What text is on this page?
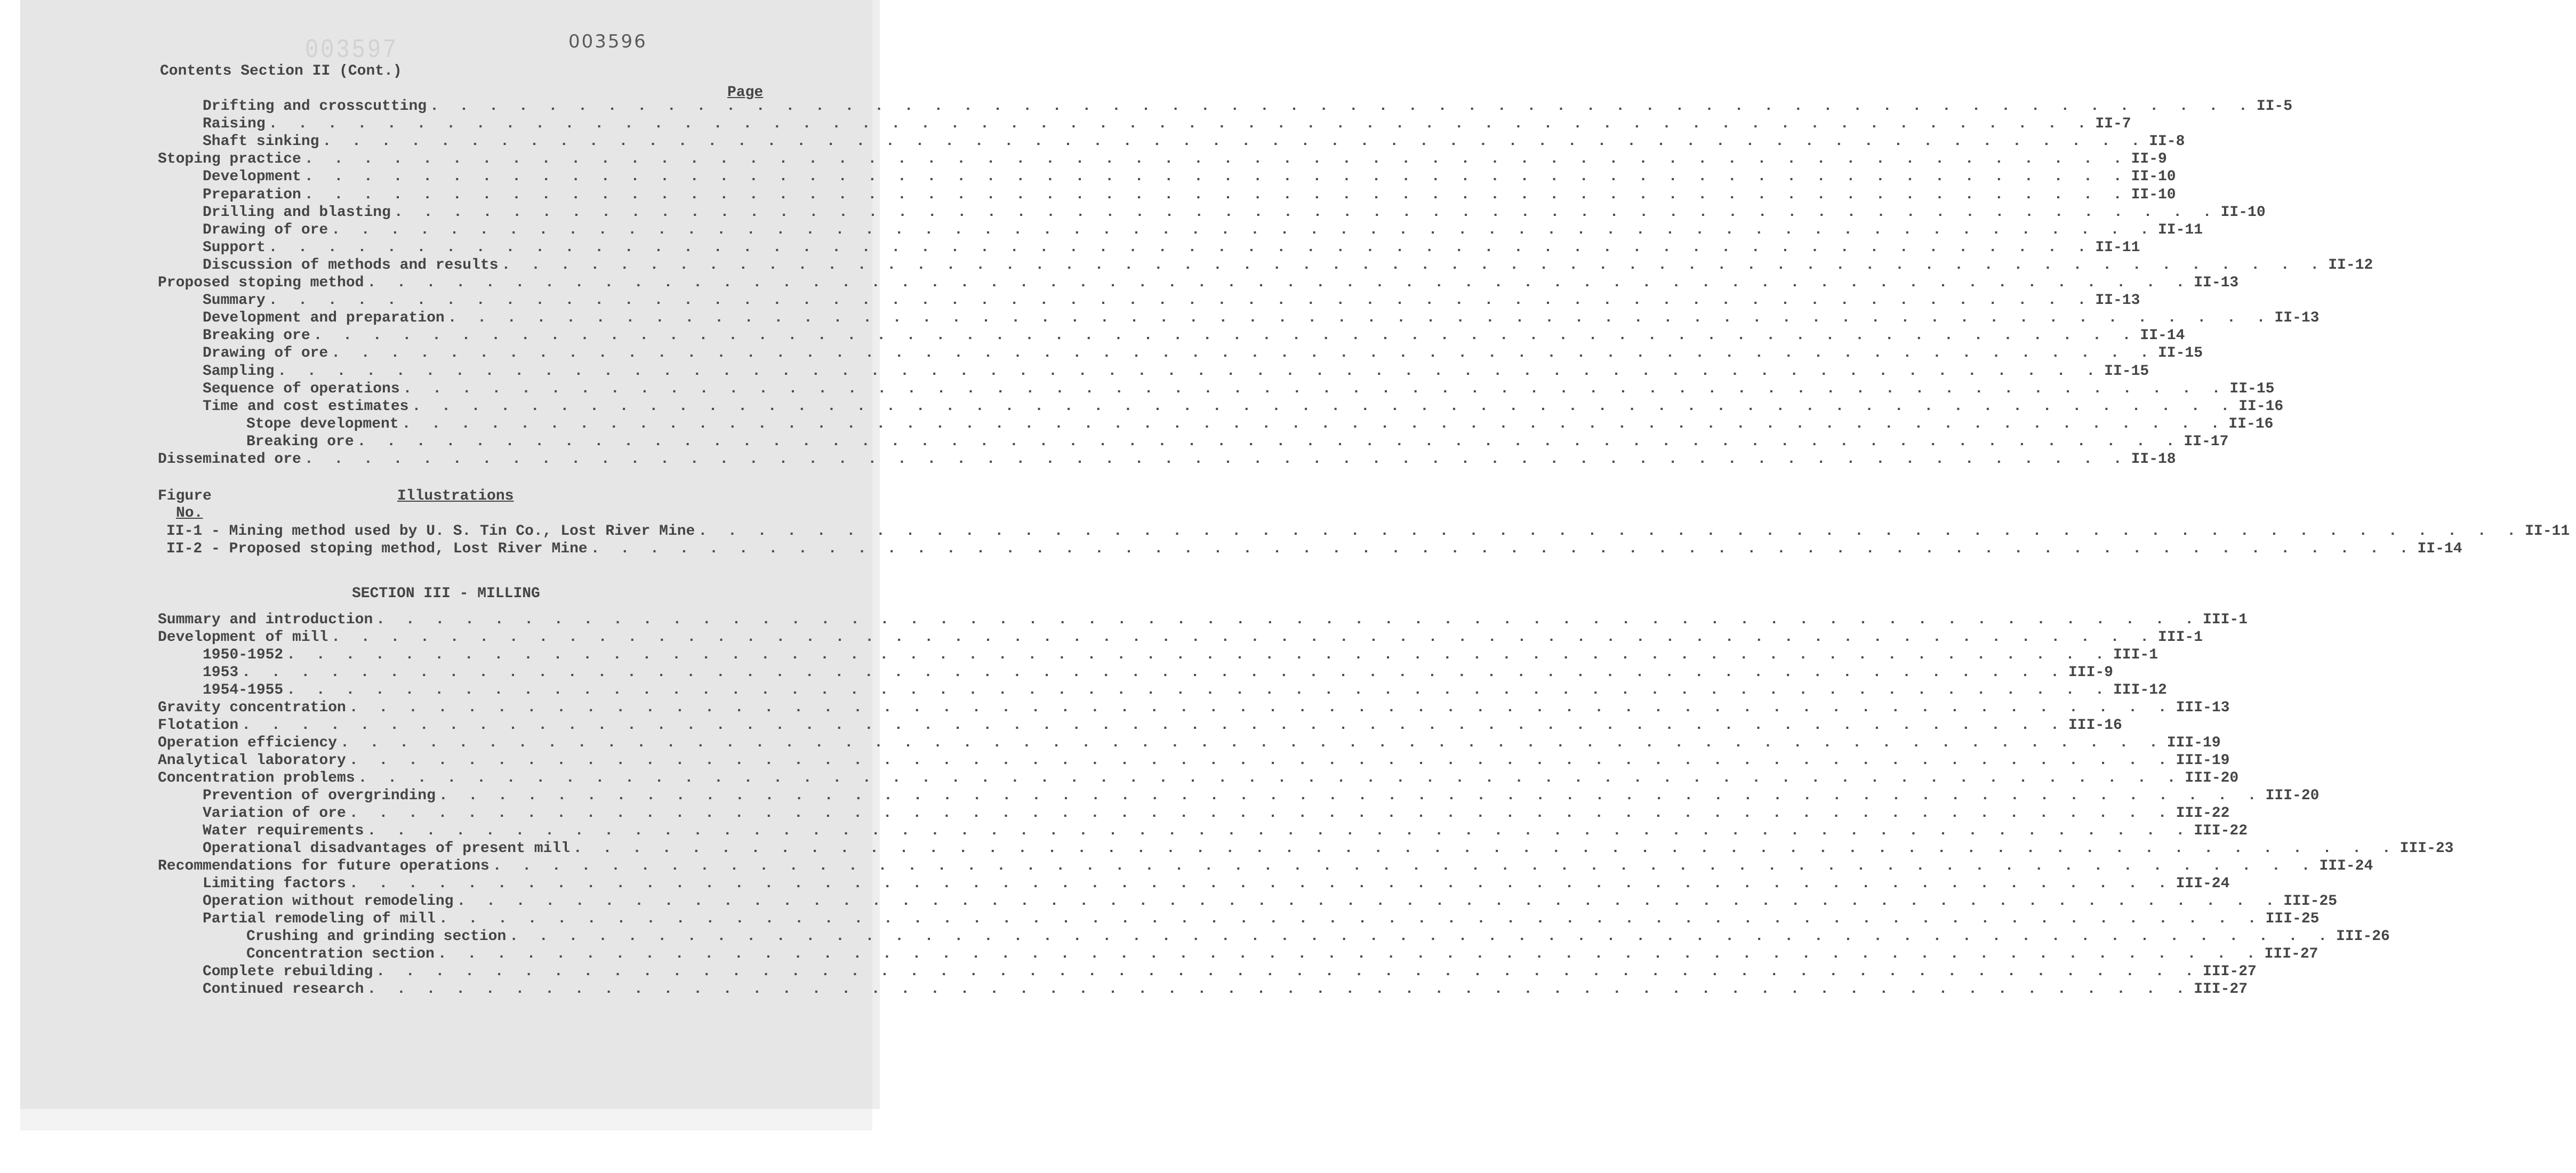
003597	003596
Contents Section II (Cont.)
Page
Drifting and crosscutting . . . . . . . . . . . . . . . . . . . . . . . . . . . . . . . . . . . . . . . . . . . . . . . . . . . . . . . . . . . . . . II-5
Raising . . . . . . . . . . . . . . . . . . . . . . . . . . . . . . . . . . . . . . . . . . . . . . . . . . . . . . . . . . . . . . II-7
Shaft sinking . . . . . . . . . . . . . . . . . . . . . . . . . . . . . . . . . . . . . . . . . . . . . . . . . . . . . . . . . . . . . . II-8
Stoping practice . . . . . . . . . . . . . . . . . . . . . . . . . . . . . . . . . . . . . . . . . . . . . . . . . . . . . . . . . . . . . . II-9
Development . . . . . . . . . . . . . . . . . . . . . . . . . . . . . . . . . . . . . . . . . . . . . . . . . . . . . . . . . . . . . . II-10
Preparation . . . . . . . . . . . . . . . . . . . . . . . . . . . . . . . . . . . . . . . . . . . . . . . . . . . . . . . . . . . . . . II-10
Drilling and blasting . . . . . . . . . . . . . . . . . . . . . . . . . . . . . . . . . . . . . . . . . . . . . . . . . . . . . . . . . . . . . . II-10
Drawing of ore . . . . . . . . . . . . . . . . . . . . . . . . . . . . . . . . . . . . . . . . . . . . . . . . . . . . . . . . . . . . . . II-11
Support . . . . . . . . . . . . . . . . . . . . . . . . . . . . . . . . . . . . . . . . . . . . . . . . . . . . . . . . . . . . . . II-11
Discussion of methods and results . . . . . . . . . . . . . . . . . . . . . . . . . . . . . . . . . . . . . . . . . . . . . . . . . . . . . . . . . . . . . . II-12
Proposed stoping method . . . . . . . . . . . . . . . . . . . . . . . . . . . . . . . . . . . . . . . . . . . . . . . . . . . . . . . . . . . . . . II-13
Summary . . . . . . . . . . . . . . . . . . . . . . . . . . . . . . . . . . . . . . . . . . . . . . . . . . . . . . . . . . . . . . II-13
Development and preparation . . . . . . . . . . . . . . . . . . . . . . . . . . . . . . . . . . . . . . . . . . . . . . . . . . . . . . . . . . . . . . II-13
Breaking ore . . . . . . . . . . . . . . . . . . . . . . . . . . . . . . . . . . . . . . . . . . . . . . . . . . . . . . . . . . . . . . II-14
Drawing of ore . . . . . . . . . . . . . . . . . . . . . . . . . . . . . . . . . . . . . . . . . . . . . . . . . . . . . . . . . . . . . . II-15
Sampling . . . . . . . . . . . . . . . . . . . . . . . . . . . . . . . . . . . . . . . . . . . . . . . . . . . . . . . . . . . . . . II-15
Sequence of operations . . . . . . . . . . . . . . . . . . . . . . . . . . . . . . . . . . . . . . . . . . . . . . . . . . . . . . . . . . . . . . II-15
Time and cost estimates . . . . . . . . . . . . . . . . . . . . . . . . . . . . . . . . . . . . . . . . . . . . . . . . . . . . . . . . . . . . . . II-16
Stope development . . . . . . . . . . . . . . . . . . . . . . . . . . . . . . . . . . . . . . . . . . . . . . . . . . . . . . . . . . . . . . II-16
Breaking ore . . . . . . . . . . . . . . . . . . . . . . . . . . . . . . . . . . . . . . . . . . . . . . . . . . . . . . . . . . . . . . II-17
Disseminated ore . . . . . . . . . . . . . . . . . . . . . . . . . . . . . . . . . . . . . . . . . . . . . . . . . . . . . . . . . . . . . . II-18
Figure
No.
Illustrations
II-1 - Mining method used by U. S. Tin Co., Lost River Mine . . . . . . . . . . . . . . . . . . . . . . . . . . . . . . . . . . . . . . . . . . . . . . . . . . . . . . . . . . . . . . II-11
II-2 - Proposed stoping method, Lost River Mine . . . . . . . . . . . . . . . . . . . . . . . . . . . . . . . . . . . . . . . . . . . . . . . . . . . . . . . . . . . . . . II-14
SECTION III - MILLING
Summary and introduction . . . . . . . . . . . . . . . . . . . . . . . . . . . . . . . . . . . . . . . . . . . . . . . . . . . . . . . . . . . . . . III-1
Development of mill . . . . . . . . . . . . . . . . . . . . . . . . . . . . . . . . . . . . . . . . . . . . . . . . . . . . . . . . . . . . . . III-1
1950-1952 . . . . . . . . . . . . . . . . . . . . . . . . . . . . . . . . . . . . . . . . . . . . . . . . . . . . . . . . . . . . . . III-1
1953 . . . . . . . . . . . . . . . . . . . . . . . . . . . . . . . . . . . . . . . . . . . . . . . . . . . . . . . . . . . . . . III-9
1954-1955 . . . . . . . . . . . . . . . . . . . . . . . . . . . . . . . . . . . . . . . . . . . . . . . . . . . . . . . . . . . . . . III-12
Gravity concentration . . . . . . . . . . . . . . . . . . . . . . . . . . . . . . . . . . . . . . . . . . . . . . . . . . . . . . . . . . . . . . III-13
Flotation . . . . . . . . . . . . . . . . . . . . . . . . . . . . . . . . . . . . . . . . . . . . . . . . . . . . . . . . . . . . . . III-16
Operation efficiency . . . . . . . . . . . . . . . . . . . . . . . . . . . . . . . . . . . . . . . . . . . . . . . . . . . . . . . . . . . . . . III-19
Analytical laboratory . . . . . . . . . . . . . . . . . . . . . . . . . . . . . . . . . . . . . . . . . . . . . . . . . . . . . . . . . . . . . . III-19
Concentration problems . . . . . . . . . . . . . . . . . . . . . . . . . . . . . . . . . . . . . . . . . . . . . . . . . . . . . . . . . . . . . . III-20
Prevention of overgrinding . . . . . . . . . . . . . . . . . . . . . . . . . . . . . . . . . . . . . . . . . . . . . . . . . . . . . . . . . . . . . . III-20
Variation of ore . . . . . . . . . . . . . . . . . . . . . . . . . . . . . . . . . . . . . . . . . . . . . . . . . . . . . . . . . . . . . . III-22
Water requirements . . . . . . . . . . . . . . . . . . . . . . . . . . . . . . . . . . . . . . . . . . . . . . . . . . . . . . . . . . . . . . III-22
Operational disadvantages of present mill . . . . . . . . . . . . . . . . . . . . . . . . . . . . . . . . . . . . . . . . . . . . . . . . . . . . . . . . . . . . . . III-23
Recommendations for future operations . . . . . . . . . . . . . . . . . . . . . . . . . . . . . . . . . . . . . . . . . . . . . . . . . . . . . . . . . . . . . . III-24
Limiting factors . . . . . . . . . . . . . . . . . . . . . . . . . . . . . . . . . . . . . . . . . . . . . . . . . . . . . . . . . . . . . . III-24
Operation without remodeling . . . . . . . . . . . . . . . . . . . . . . . . . . . . . . . . . . . . . . . . . . . . . . . . . . . . . . . . . . . . . . III-25
Partial remodeling of mill . . . . . . . . . . . . . . . . . . . . . . . . . . . . . . . . . . . . . . . . . . . . . . . . . . . . . . . . . . . . . . III-25
Crushing and grinding section . . . . . . . . . . . . . . . . . . . . . . . . . . . . . . . . . . . . . . . . . . . . . . . . . . . . . . . . . . . . . . III-26
Concentration section . . . . . . . . . . . . . . . . . . . . . . . . . . . . . . . . . . . . . . . . . . . . . . . . . . . . . . . . . . . . . . III-27
Complete rebuilding . . . . . . . . . . . . . . . . . . . . . . . . . . . . . . . . . . . . . . . . . . . . . . . . . . . . . . . . . . . . . . III-27
Continued research . . . . . . . . . . . . . . . . . . . . . . . . . . . . . . . . . . . . . . . . . . . . . . . . . . . . . . . . . . . . . . III-27
